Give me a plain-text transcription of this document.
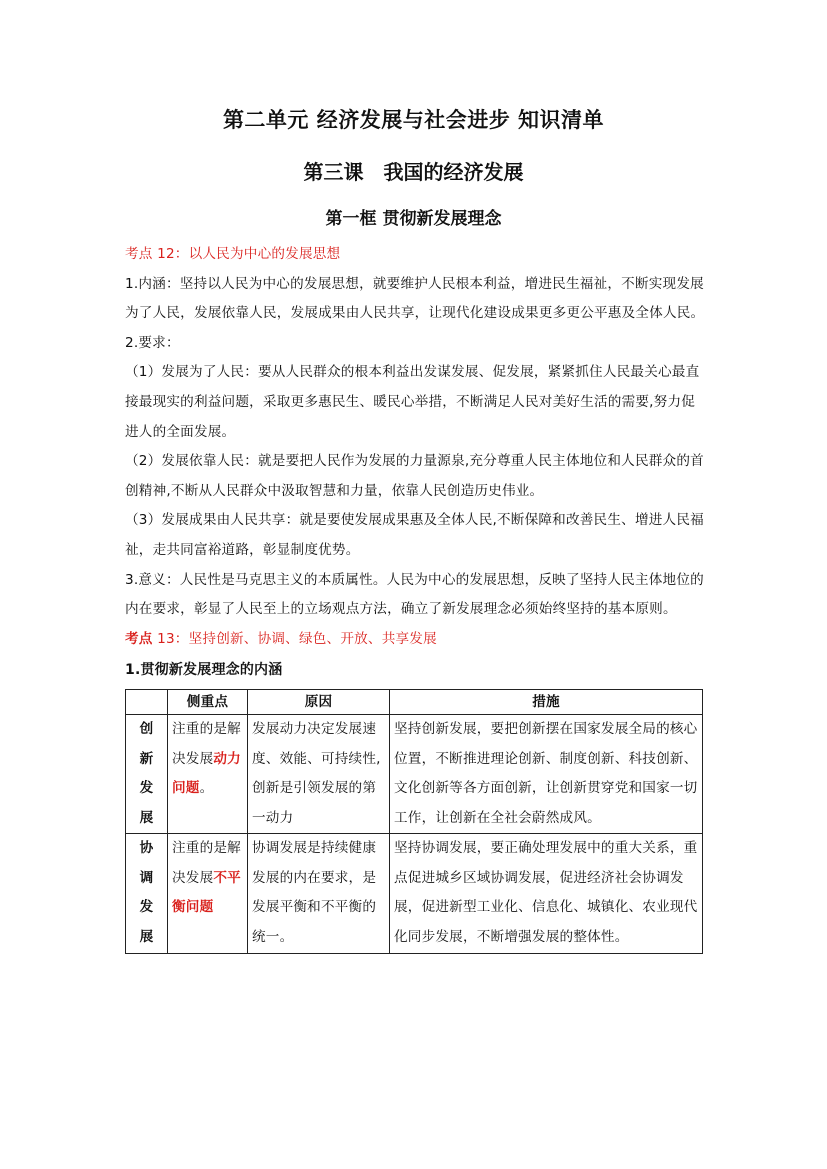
第二单元 经济发展与社会进步 知识清单
第三课　我国的经济发展
第一框 贯彻新发展理念

考点 12：以人民为中心的发展思想

1.内涵：坚持以人民为中心的发展思想，就要维护人民根本利益，增进民生福祉，不断实现发展为了人民，发展依靠人民，发展成果由人民共享，让现代化建设成果更多更公平惠及全体人民。

2.要求：

（1）发展为了人民：要从人民群众的根本利益出发谋发展、促发展，紧紧抓住人民最关心最直接最现实的利益问题，采取更多惠民生、暖民心举措，不断满足人民对美好生活的需要,努力促进人的全面发展。

（2）发展依靠人民：就是要把人民作为发展的力量源泉,充分尊重人民主体地位和人民群众的首创精神,不断从人民群众中汲取智慧和力量，依靠人民创造历史伟业。

（3）发展成果由人民共享：就是要使发展成果惠及全体人民,不断保障和改善民生、增进人民福祉，走共同富裕道路，彰显制度优势。

3.意义：人民性是马克思主义的本质属性。人民为中心的发展思想，反映了坚持人民主体地位的内在要求，彰显了人民至上的立场观点方法，确立了新发展理念必须始终坚持的基本原则。

考点 13：坚持创新、协调、绿色、开放、共享发展

1.贯彻新发展理念的内涵

	侧重点	原因	措施

创
新
发
展	注重的是解决发展动力问题。	发展动力决定发展速度、效能、可持续性,创新是引领发展的第一动力	坚持创新发展，要把创新摆在国家发展全局的核心位置，不断推进理论创新、制度创新、科技创新、文化创新等各方面创新，让创新贯穿党和国家一切工作，让创新在全社会蔚然成风。

协
调
发
展	注重的是解决发展不平衡问题	协调发展是持续健康发展的内在要求，是发展平衡和不平衡的统一。	坚持协调发展，要正确处理发展中的重大关系，重点促进城乡区域协调发展，促进经济社会协调发展，促进新型工业化、信息化、城镇化、农业现代化同步发展，不断增强发展的整体性。
